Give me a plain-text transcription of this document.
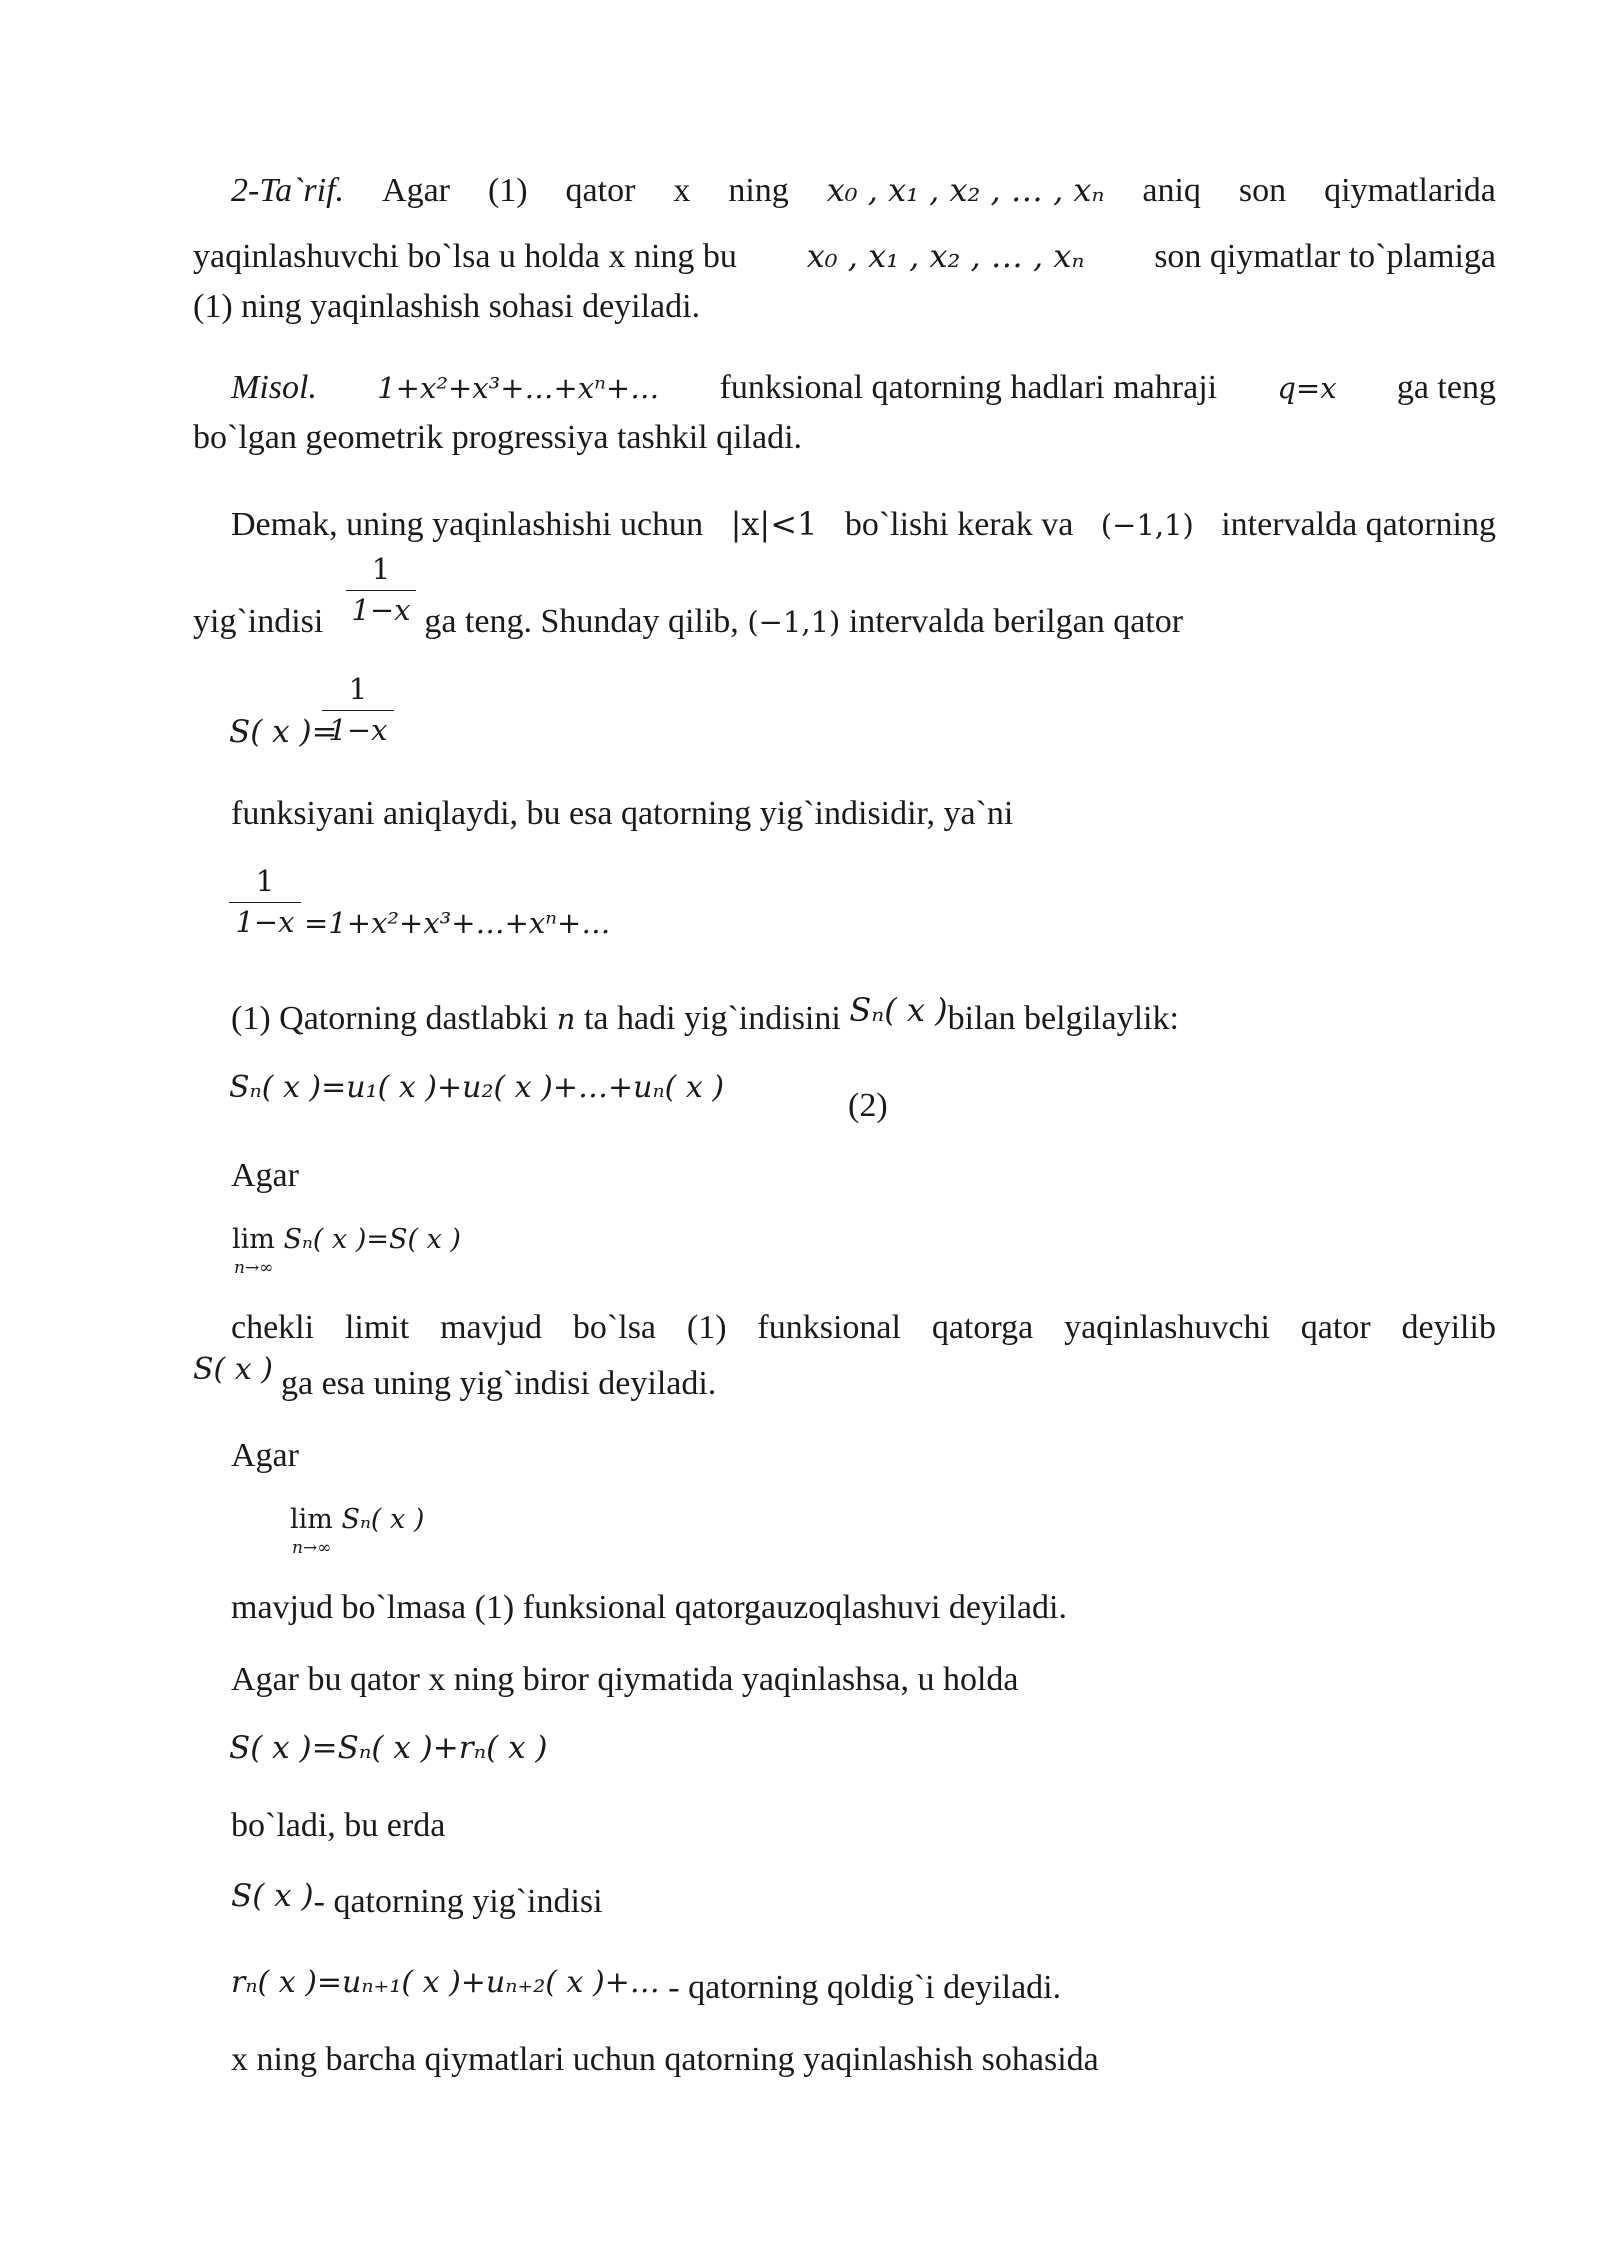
2-Ta`rif. Agar (1) qator x ning x₀ , x₁ , x₂ , … , xₙ aniq son qiymatlarida
yaqinlashuvchi bo`lsa u holda x ning bu x₀ , x₁ , x₂ , … , xₙ son qiymatlar to`plamiga
(1) ning yaqinlashish sohasi deyiladi.
Misol. 1+x²+x³+…+xⁿ+… funksional qatorning hadlari mahraji q=x ga teng
bo`lgan geometrik progressiya tashkil qiladi.
Demak, uning yaqinlashishi uchun |x|<1 bo`lishi kerak va (−1,1) intervalda qatorning
yig`indisi	ga teng. Shunday qilib, (−1,1) intervalda berilgan qator
1
1−x
S( x )=
1
1−x
funksiyani aniqlaydi, bu esa qatorning yig`indisidir, ya`ni
1
1−x =1+x²+x³+…+xⁿ+…
(1) Qatorning dastlabki n ta hadi yig`indisini Sₙ( x )bilan belgilaylik:
Sₙ( x )=u₁( x )+u₂( x )+…+uₙ( x )	(2)
Agar
lim Sₙ( x )=S( x )
n→∞
chekli limit mavjud bo`lsa (1) funksional qatorga yaqinlashuvchi qator deyilib
S( x ) ga esa uning yig`indisi deyiladi.
Agar
lim Sₙ( x )
n→∞
mavjud bo`lmasa (1) funksional qatorgauzoqlashuvi deyiladi.
Agar bu qator x ning biror qiymatida yaqinlashsa, u holda
S( x )=Sₙ( x )+rₙ( x )
bo`ladi, bu erda
S( x )- qatorning yig`indisi
rₙ( x )=uₙ₊₁( x )+uₙ₊₂( x )+… - qatorning qoldig`i deyiladi.
x ning barcha qiymatlari uchun qatorning yaqinlashish sohasida
